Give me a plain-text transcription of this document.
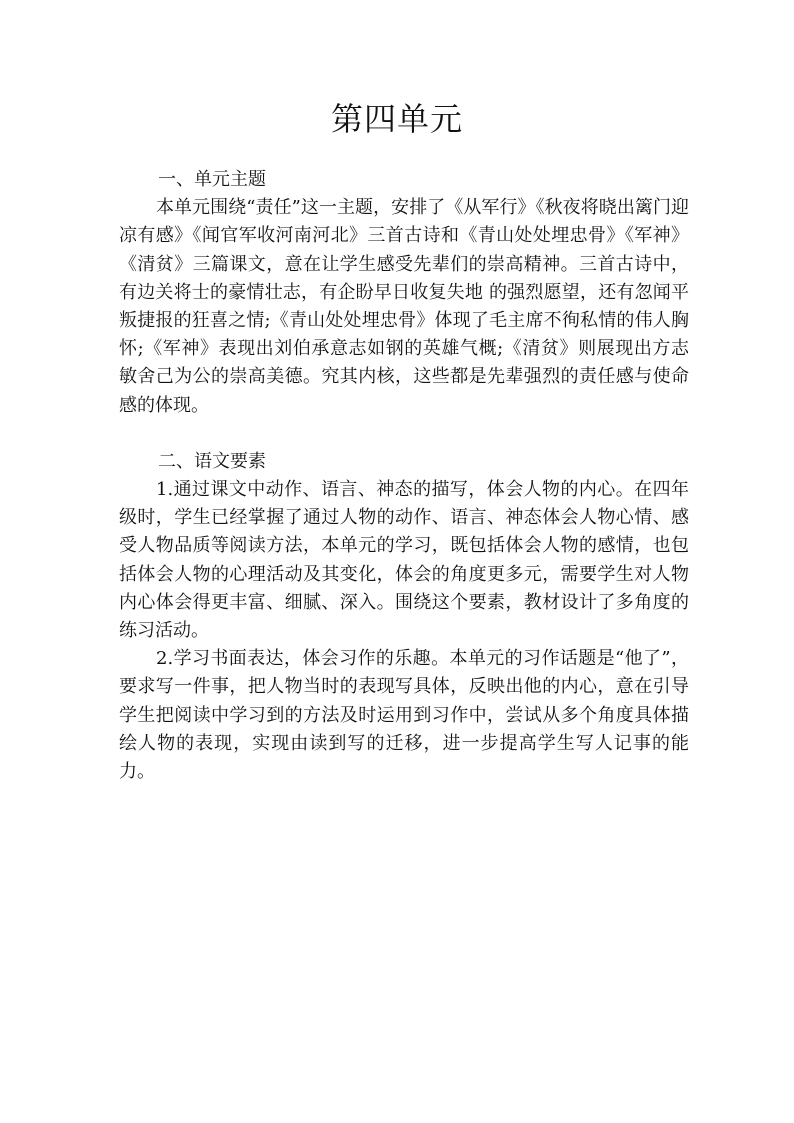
第四单元

一、单元主题

本单元围绕“责任”这一主题，安排了《从军行》《秋夜将晓出篱门迎凉有感》《闻官军收河南河北》三首古诗和《青山处处埋忠骨》《军神》《清贫》三篇课文，意在让学生感受先辈们的崇高精神。三首古诗中，有边关将士的豪情壮志，有企盼早日收复失地 的强烈愿望，还有忽闻平叛捷报的狂喜之情;《青山处处埋忠骨》体现了毛主席不徇私情的伟人胸怀;《军神》表现出刘伯承意志如钢的英雄气概;《清贫》则展现出方志敏舍己为公的崇高美德。究其内核，这些都是先辈强烈的责任感与使命感的体现。

二、语文要素

1.通过课文中动作、语言、神态的描写，体会人物的内心。在四年级时，学生已经掌握了通过人物的动作、语言、神态体会人物心情、感受人物品质等阅读方法，本单元的学习，既包括体会人物的感情，也包括体会人物的心理活动及其变化，体会的角度更多元，需要学生对人物内心体会得更丰富、细腻、深入。围绕这个要素，教材设计了多角度的练习活动。

2.学习书面表达，体会习作的乐趣。本单元的习作话题是“他了”，要求写一件事，把人物当时的表现写具体，反映出他的内心，意在引导学生把阅读中学习到的方法及时运用到习作中，尝试从多个角度具体描绘人物的表现，实现由读到写的迁移，进一步提高学生写人记事的能力。
